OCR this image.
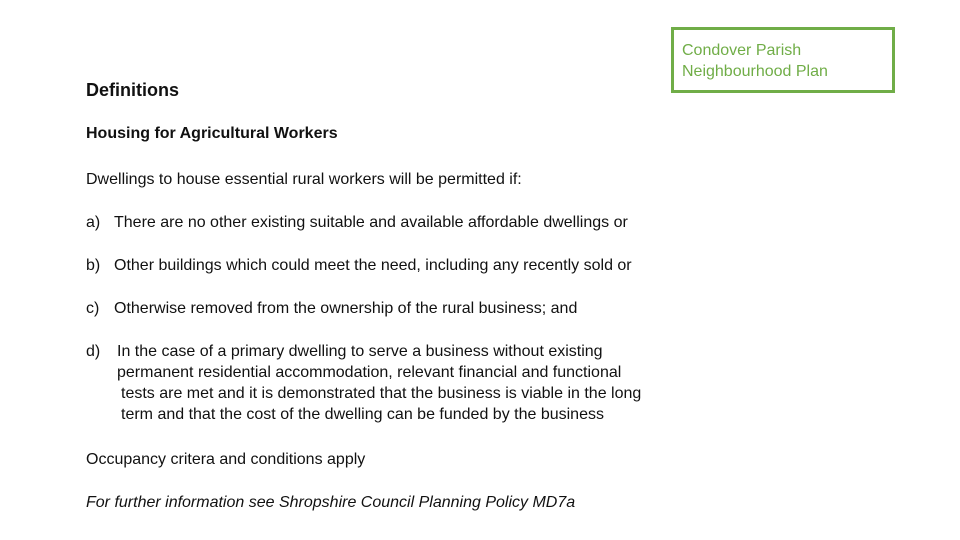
Condover Parish
Neighbourhood Plan
Definitions
Housing for Agricultural Workers

Dwellings to house essential rural workers will be permitted if:

a) There are no other existing suitable and available affordable dwellings or
b) Other buildings which could meet the need, including any recently sold or
c) Otherwise removed from the ownership of the rural business; and
d) In the case of a primary dwelling to serve a business without existing
permanent residential accommodation, relevant financial and functional
tests are met and it is demonstrated that the business is viable in the long
term and that the cost of the dwelling can be funded by the business

Occupancy critera and conditions apply

For further information see Shropshire Council Planning Policy MD7a
